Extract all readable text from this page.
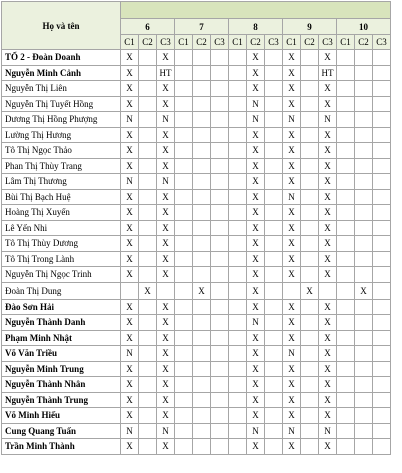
Họ và tên															
	6			7			8			9			10		
	C1	C2	C3	C1	C2	C3	C1	C2	C3	C1	C2	C3	C1	C2	C3
TỔ 2 - Đoàn Doanh	X		X					X		X		X			
Nguyễn Minh Cảnh	X		HT					X		X		HT			
Nguyễn Thị Liên	X		X					X		X		X			
Nguyễn Thị Tuyết Hồng	X		X					N		X		X			
Dương Thị Hồng Phượng	N		N					N		N		N			
Lường Thị Hương	X		X					X		X		X			
Tô Thị Ngọc Thảo	X		X					X		X		X			
Phan Thị Thùy Trang	X		X					X		X		X			
Lâm Thị Thương	N		N					X		X		X			
Bùi Thị Bạch Huệ	X		X					X		N		X			
Hoàng Thị Xuyến	X		X					X		X		X			
Lê Yến Nhi	X		X					X		X		X			
Tô Thị Thùy Dương	X		X					X		X		X			
Tô Thị Trong Lành	X		X					X		X		X			
Nguyễn Thị Ngọc Trinh	X		X					X		X		X			
Đoàn Thị Dung		X			X			X			X			X	
Đào Sơn Hải	X		X					X		X		X			
Nguyễn Thành Danh	X		X					N		X		X			
Phạm Minh Nhật	X		X					X		X		X			
Võ Văn Triều	N		X					X		N		X			
Nguyễn Minh Trung	X		X					X		X		X			
Nguyễn Thành Nhân	X		X					X		X		X			
Nguyễn Thành Trung	X		X					X		X		X			
Võ Minh Hiếu	X		X					X		X		X			
Cung Quang Tuấn	N		N					N		N		N			
Trần Minh Thành	X		X					X		X		X			
